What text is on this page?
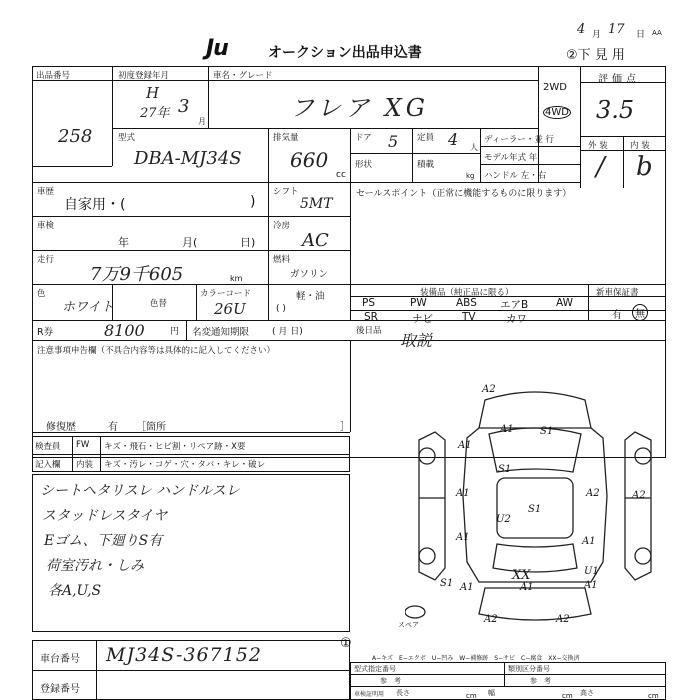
Ju	オークション出品申込書
4 月 17 日 AA
②下 見 用
出品番号
258
初度登録年月
H
27年 3
月
車名・グレード
フレア XG
2WD
4WD
評価点
3.5
型式
DBA-MJ34S
排気量
660
cc
ドア 5 定員 4 人
形状	積載
kg
ディーラー・並 行
モデル年式 年
ハンドル 左・右
外 装	内 装
/ b
車歴
自家用・(	)
シフト
5MT
セールスポイント（正常に機能するものに限ります）
車検
年	月(	日)
冷房
AC
走行
7万9千605	km
燃料
ガソリン
軽・油
( )
色
ホワイト	色替
カラーコード
26U
装備品（純正品に限る）	新車保証書
PS	PW	ABS エアB	AW
SR	ナビ	TV	カワ	有	無
R券	8100	円 名変通知期限	( 月 日)	後日品 取説
注意事項申告欄（不具合内容等は具体的に記入してください）
修復歴	有 ［箇所	］
検査員
記入欄
FW キズ・飛石・ヒビ割・リペア跡・X要
内装 キズ・汚レ・コゲ・穴・タバ・キレ・破レ
シートヘタリスレ ハンドルスレ
スタッドレスタイヤ
Eゴム、下廻りS有
荷室汚れ・しみ
各A,U,S
A2
A1	S1
A1
S1
A1	A2	A2
U2
S1
A1	A1
S1 A1
XX
A1
U1
A1
A2	A2
スペア
A−キズ　E−エクボ　U−凹み　W−補修跡　S−サビ　C−腐食　XX−交換済
車台番号 MJ34S-367152
①
登録番号
型式指定番号	類別区分番号
参　考	参　考
車検証明用 長さ	cm 幅	cm 高さ	cm
